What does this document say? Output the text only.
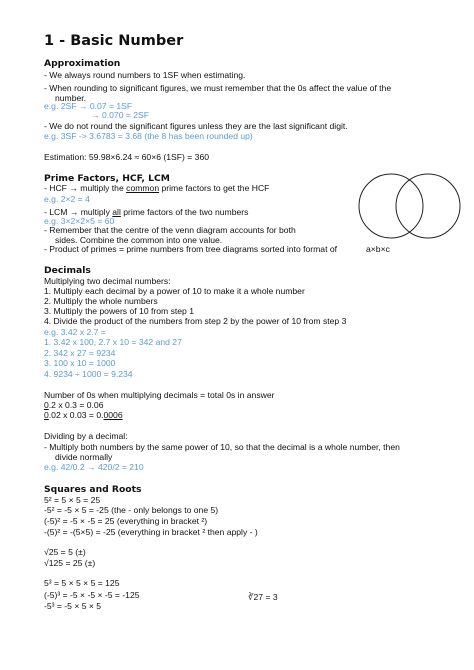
1 - Basic Number
Approximation
- We always round numbers to 1SF when estimating.
- When rounding to significant figures, we must remember that the 0s affect the value of the
number.
e.g. 2SF → 0.07 = 1SF
→ 0.070 = 2SF
- We do not round the significant figures unless they are the last significant digit.
e.g. 3SF -> 3.6783 = 3.68 (the 8 has been rounded up)
Estimation: 59.98×6.24 ≈ 60×6 (1SF) = 360
Prime Factors, HCF, LCM
- HCF → multiply the common prime factors to get the HCF
e.g. 2×2 = 4
- LCM → multiply all prime factors of the two numbers
e.g. 3×2×2×5 = 60
- Remember that the centre of the venn diagram accounts for both
sides. Combine the common into one value.
- Product of primes = prime numbers from tree diagrams sorted into format of	a×b×c
Decimals
Multiplying two decimal numbers:
1. Multiply each decimal by a power of 10 to make it a whole number
2. Multiply the whole numbers
3. Multiply the powers of 10 from step 1
4. Divide the product of the numbers from step 2 by the power of 10 from step 3
e.g. 3.42 x 2.7 =
1. 3.42 x 100, 2.7 x 10 = 342 and 27
2. 342 x 27 = 9234
3. 100 x 10 = 1000
4. 9234 ÷ 1000 = 9.234
Number of 0s when multiplying decimals = total 0s in answer
0.2 x 0.3 = 0.06
0.02 x 0.03 = 0.0006
Dividing by a decimal:
- Multiply both numbers by the same power of 10, so that the decimal is a whole number, then
divide normally
e.g. 42/0.2 → 420/2 = 210
Squares and Roots
5² = 5 × 5 = 25
-5² = -5 × 5 = -25 (the - only belongs to one 5)
(-5)² = -5 × -5 = 25 (everything in bracket ²)
-(5)² = -(5×5) = -25 (everything in bracket ² then apply - )
√25 = 5 (±)
√125 = 25 (±)
5³ = 5 × 5 × 5 = 125
(-5)³ = -5 × -5 × -5 = -125
-5³ = -5 × 5 × 5
∛27 = 3
